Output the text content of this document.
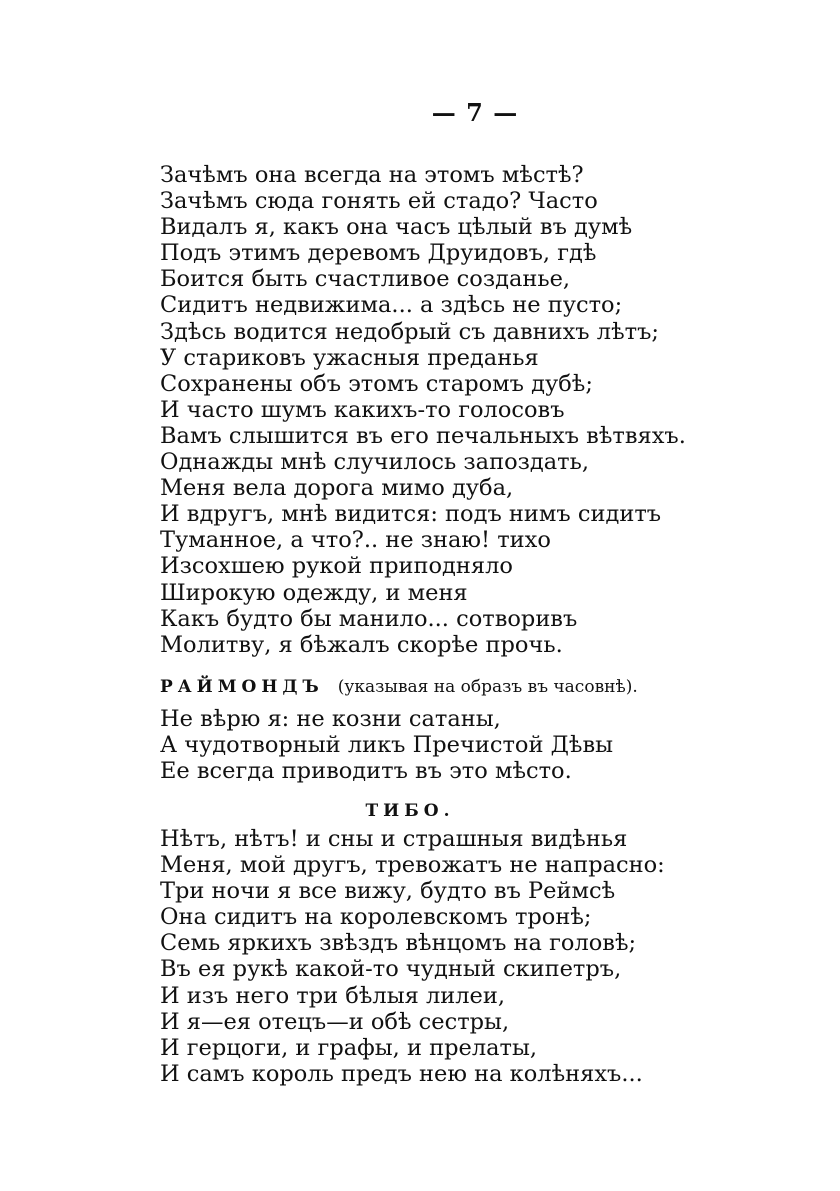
— 7 —
Зачѣмъ она всегда на этомъ мѣстѣ?
Зачѣмъ сюда гонять ей стадо? Часто
Видалъ я, какъ она часъ цѣлый въ думѣ
Подъ этимъ деревомъ Друидовъ, гдѣ
Боится быть счастливое созданье,
Сидитъ недвижима... а здѣсь не пусто;
Здѣсь водится недобрый съ давнихъ лѣтъ;
У стариковъ ужасныя преданья
Сохранены объ этомъ старомъ дубѣ;
И часто шумъ какихъ-то голосовъ
Вамъ слышится въ его печальныхъ вѣтвяхъ.
Однажды мнѣ случилось запоздать,
Меня вела дорога мимо дуба,
И вдругъ, мнѣ видится: подъ нимъ сидитъ
Туманное, а что?.. не знаю! тихо
Изсохшею рукой приподняло
Широкую одежду, и меня
Какъ будто бы манило... сотворивъ
Молитву, я бѣжалъ скорѣе прочь.
РАЙМОНДЪ (указывая на образъ въ часовнѣ).
Не вѣрю я: не козни сатаны,
А чудотворный ликъ Пречистой Дѣвы
Ее всегда приводитъ въ это мѣсто.
ТИБО.
Нѣтъ, нѣтъ! и сны и страшныя видѣнья
Меня, мой другъ, тревожатъ не напрасно:
Три ночи я все вижу, будто въ Реймсѣ
Она сидитъ на королевскомъ тронѣ;
Семь яркихъ звѣздъ вѣнцомъ на головѣ;
Въ ея рукѣ какой-то чудный скипетръ,
И изъ него три бѣлыя лилеи,
И я—ея отецъ—и обѣ сестры,
И герцоги, и графы, и прелаты,
И самъ король предъ нею на колѣняхъ...
